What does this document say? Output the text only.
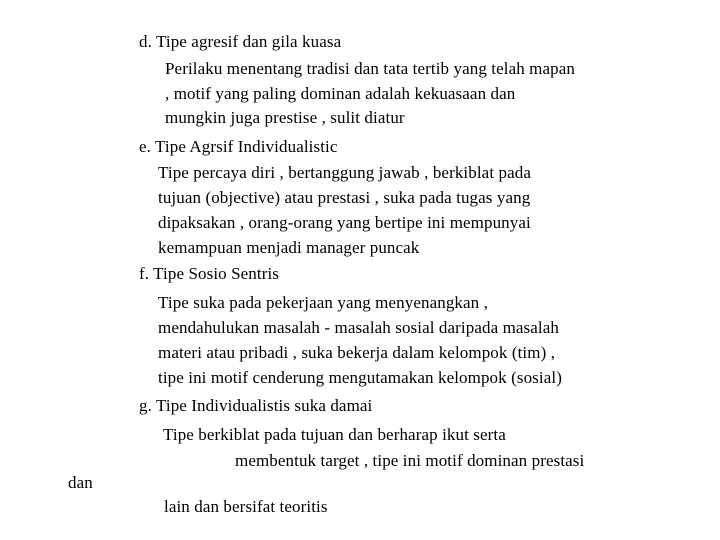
d. Tipe agresif dan gila kuasa
Perilaku menentang tradisi dan tata tertib yang telah mapan
, motif yang paling dominan adalah kekuasaan dan
mungkin juga prestise , sulit diatur
e. Tipe Agrsif Individualistic
Tipe percaya diri , bertanggung jawab , berkiblat pada
tujuan (objective) atau prestasi , suka pada tugas yang
dipaksakan , orang-orang yang bertipe ini mempunyai
kemampuan menjadi manager puncak
f. Tipe Sosio Sentris
Tipe suka pada pekerjaan yang menyenangkan ,
mendahulukan masalah - masalah sosial daripada masalah
materi atau pribadi , suka bekerja dalam kelompok (tim) ,
tipe ini motif cenderung mengutamakan kelompok (sosial)
g. Tipe Individualistis suka damai
Tipe berkiblat pada tujuan dan berharap ikut serta
membentuk target , tipe ini motif dominan prestasi
dan
lain dan bersifat teoritis
